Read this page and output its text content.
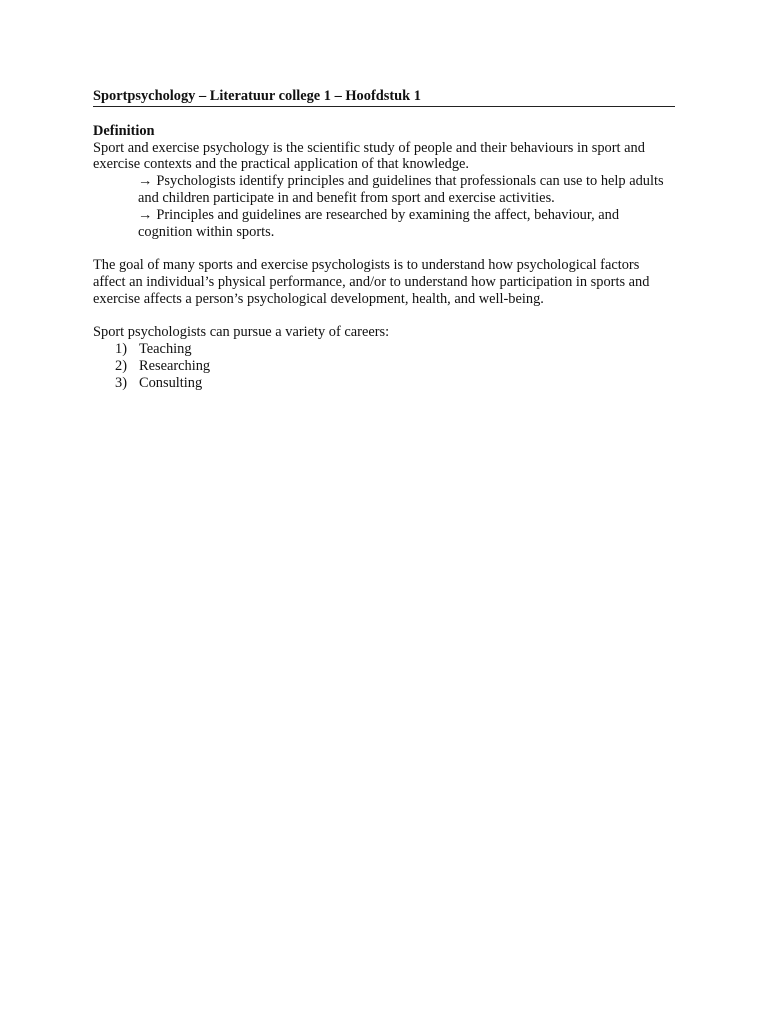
Sportpsychology – Literatuur college 1 – Hoofdstuk 1
Definition

Sport and exercise psychology is the scientific study of people and their behaviours in sport and exercise contexts and the practical application of that knowledge.

→ Psychologists identify principles and guidelines that professionals can use to help adults and children participate in and benefit from sport and exercise activities.
→ Principles and guidelines are researched by examining the affect, behaviour, and cognition within sports.

The goal of many sports and exercise psychologists is to understand how psychological factors affect an individual’s physical performance, and/or to understand how participation in sports and exercise affects a person’s psychological development, health, and well-being.

Sport psychologists can pursue a variety of careers:

1) Teaching
2) Researching
3) Consulting
